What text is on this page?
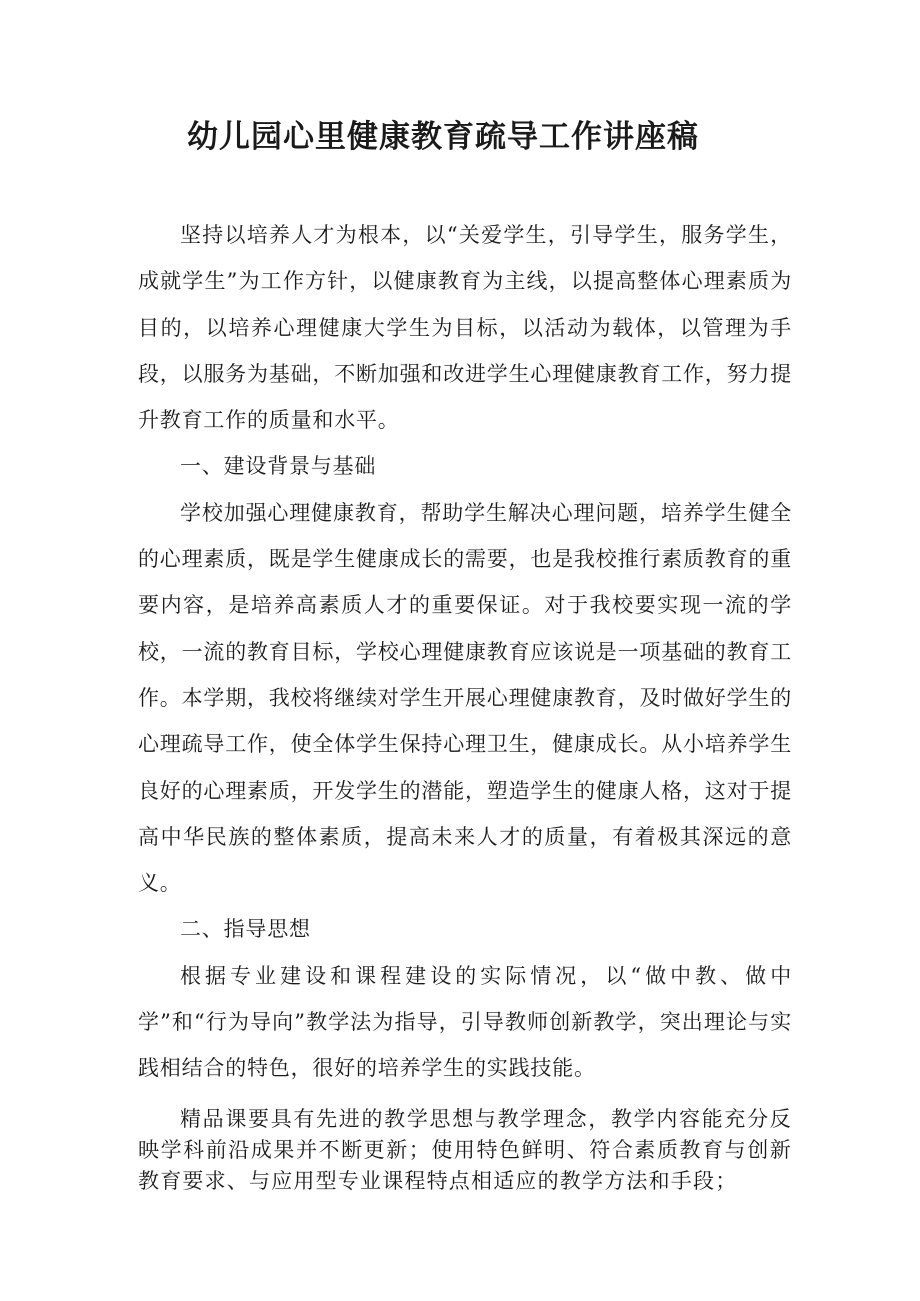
幼儿园心里健康教育疏导工作讲座稿

坚持以培养人才为根本，以“关爱学生，引导学生，服务学生，成就学生”为工作方针，以健康教育为主线，以提高整体心理素质为目的，以培养心理健康大学生为目标，以活动为载体，以管理为手段，以服务为基础，不断加强和改进学生心理健康教育工作，努力提升教育工作的质量和水平。

一、建设背景与基础

学校加强心理健康教育，帮助学生解决心理问题，培养学生健全的心理素质，既是学生健康成长的需要，也是我校推行素质教育的重要内容，是培养高素质人才的重要保证。对于我校要实现一流的学校，一流的教育目标，学校心理健康教育应该说是一项基础的教育工作。本学期，我校将继续对学生开展心理健康教育，及时做好学生的心理疏导工作，使全体学生保持心理卫生，健康成长。从小培养学生良好的心理素质，开发学生的潜能，塑造学生的健康人格，这对于提高中华民族的整体素质，提高未来人才的质量，有着极其深远的意义。

二、指导思想

根据专业建设和课程建设的实际情况，以“做中教、做中学”和“行为导向”教学法为指导，引导教师创新教学，突出理论与实践相结合的特色，很好的培养学生的实践技能。

精品课要具有先进的教学思想与教学理念，教学内容能充分反映学科前沿成果并不断更新；使用特色鲜明、符合素质教育与创新教育要求、与应用型专业课程特点相适应的教学方法和手段；
